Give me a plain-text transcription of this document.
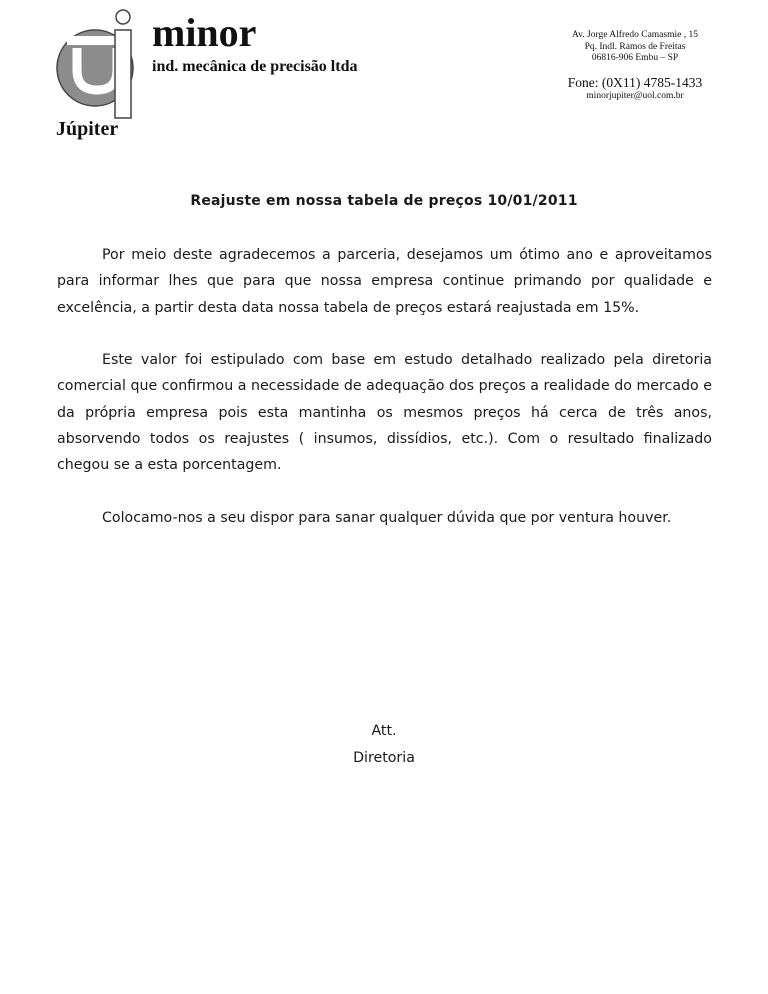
minor
ind. mecânica de precisão ltda
Júpiter
Av. Jorge Alfredo Camasmie , 15
Pq. Indl. Ramos de Freitas
06816-906 Embu – SP
Fone: (0X11) 4785-1433
minorjupiter@uol.com.br
Reajuste em nossa tabela de preços 10/01/2011

Por meio deste agradecemos a parceria, desejamos um ótimo ano e aproveitamos para informar lhes que para que nossa empresa continue primando por qualidade e excelência, a partir desta data nossa tabela de preços estará reajustada em 15%.

Este valor foi estipulado com base em estudo detalhado realizado pela diretoria comercial que confirmou a necessidade de adequação dos preços a realidade do mercado e da própria empresa pois esta mantinha os mesmos preços há cerca de três anos, absorvendo todos os reajustes ( insumos, dissídios, etc.). Com o resultado finalizado chegou se a esta porcentagem.

Colocamo-nos a seu dispor para sanar qualquer dúvida que por ventura houver.

Att.
Diretoria
